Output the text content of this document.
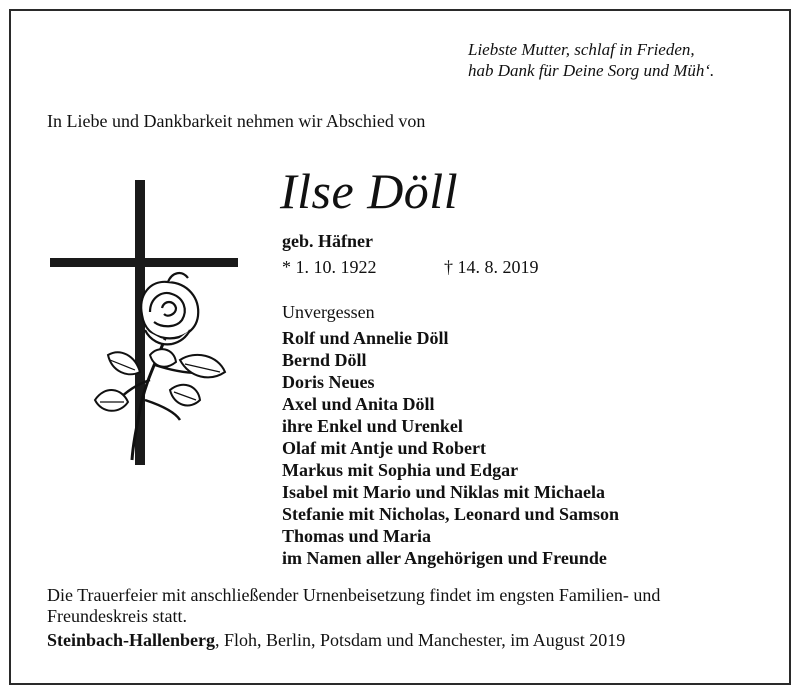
Liebste Mutter, schlaf in Frieden,
hab Dank für Deine Sorg und Müh‘.
In Liebe und Dankbarkeit nehmen wir Abschied von
Ilse Döll
geb. Häfner
* 1. 10. 1922	† 14. 8. 2019
Unvergessen
Rolf und Annelie Döll
Bernd Döll
Doris Neues
Axel und Anita Döll
ihre Enkel und Urenkel
Olaf mit Antje und Robert
Markus mit Sophia und Edgar
Isabel mit Mario und Niklas mit Michaela
Stefanie mit Nicholas, Leonard und Samson
Thomas und Maria
im Namen aller Angehörigen und Freunde
Die Trauerfeier mit anschließender Urnenbeisetzung findet im engsten Familien- und
Freundeskreis statt.
Steinbach-Hallenberg, Floh, Berlin, Potsdam und Manchester, im August 2019
